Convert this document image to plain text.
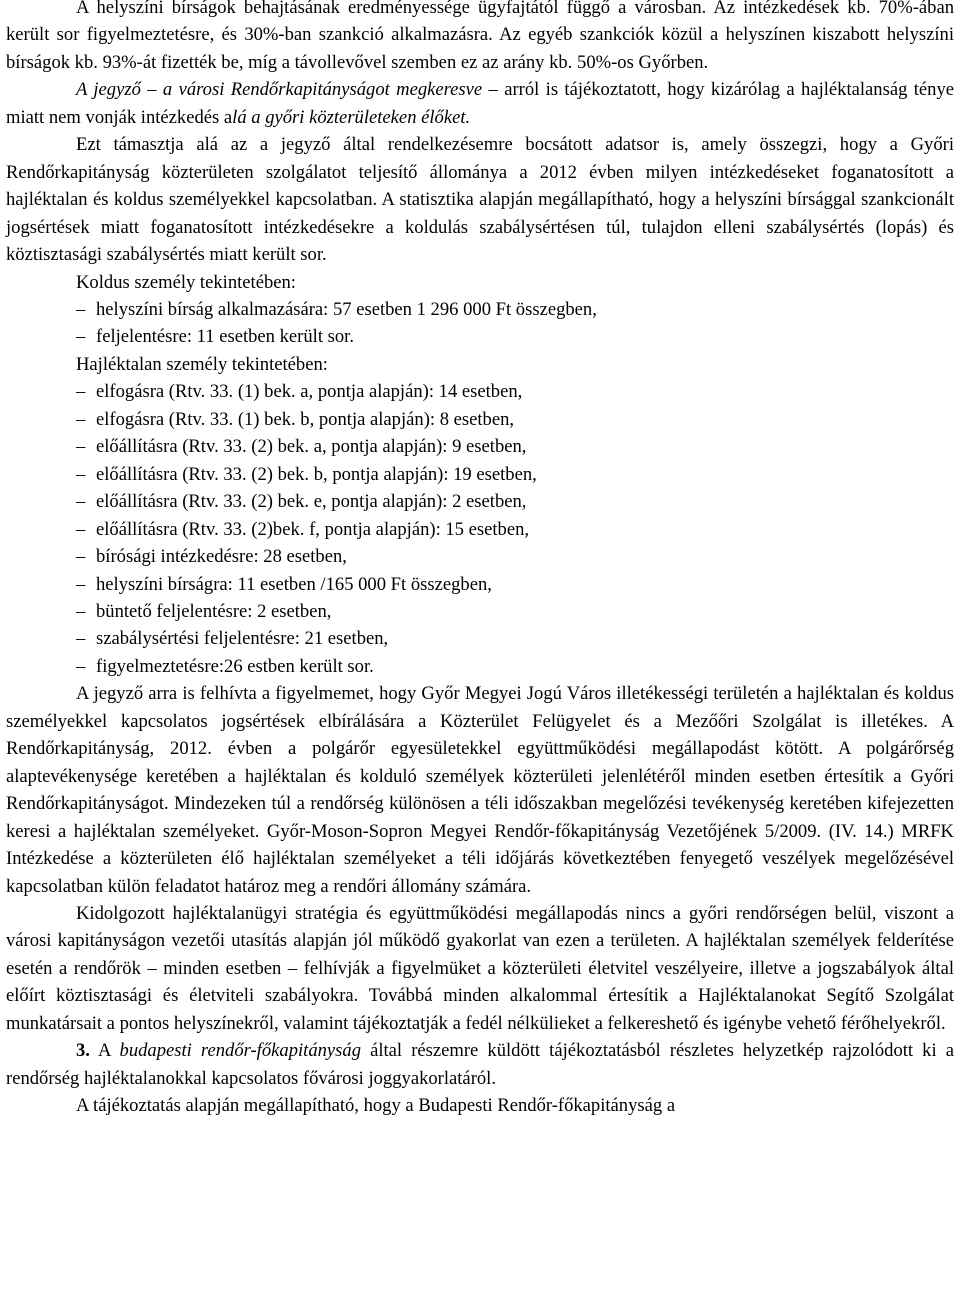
A helyszíni bírságok behajtásának eredményessége ügyfajtától függő a városban. Az intézkedések kb. 70%-ában került sor figyelmeztetésre, és 30%-ban szankció alkalmazásra. Az egyéb szankciók közül a helyszínen kiszabott helyszíni bírságok kb. 93%-át fizették be, míg a távollevővel szemben ez az arány kb. 50%-os Győrben.

A jegyző – a városi Rendőrkapitányságot megkeresve – arról is tájékoztatott, hogy kizárólag a hajléktalanság ténye miatt nem vonják intézkedés alá a győri közterületeken élőket.

Ezt támasztja alá az a jegyző által rendelkezésemre bocsátott adatsor is, amely összegzi, hogy a Győri Rendőrkapitányság közterületen szolgálatot teljesítő állománya a 2012 évben milyen intézkedéseket foganatosított a hajléktalan és koldus személyekkel kapcsolatban. A statisztika alapján megállapítható, hogy a helyszíni bírsággal szankcionált jogsértések miatt foganatosított intézkedésekre a koldulás szabálysértésen túl, tulajdon elleni szabálysértés (lopás) és köztisztasági szabálysértés miatt került sor.

Koldus személy tekintetében:

– helyszíni bírság alkalmazására: 57 esetben 1 296 000 Ft összegben,

– feljelentésre: 11 esetben került sor.

Hajléktalan személy tekintetében:

– elfogásra (Rtv. 33. (1) bek. a, pontja alapján): 14 esetben,

– elfogásra (Rtv. 33. (1) bek. b, pontja alapján): 8 esetben,

– előállításra (Rtv. 33. (2) bek. a, pontja alapján): 9 esetben,

– előállításra (Rtv. 33. (2) bek. b, pontja alapján): 19 esetben,

– előállításra (Rtv. 33. (2) bek. e, pontja alapján): 2 esetben,

– előállításra (Rtv. 33. (2)bek. f, pontja alapján): 15 esetben,

– bírósági intézkedésre: 28 esetben,

– helyszíni bírságra: 11 esetben /165 000 Ft összegben,

– büntető feljelentésre: 2 esetben,

– szabálysértési feljelentésre: 21 esetben,

– figyelmeztetésre:26 estben került sor.

A jegyző arra is felhívta a figyelmemet, hogy Győr Megyei Jogú Város illetékességi területén a hajléktalan és koldus személyekkel kapcsolatos jogsértések elbírálására a Közterület Felügyelet és a Mezőőri Szolgálat is illetékes. A Rendőrkapitányság, 2012. évben a polgárőr egyesületekkel együttműködési megállapodást kötött. A polgárőrség alaptevékenysége keretében a hajléktalan és kolduló személyek közterületi jelenlétéről minden esetben értesítik a Győri Rendőrkapitányságot. Mindezeken túl a rendőrség különösen a téli időszakban megelőzési tevékenység keretében kifejezetten keresi a hajléktalan személyeket. Győr-Moson-Sopron Megyei Rendőr-főkapitányság Vezetőjének 5/2009. (IV. 14.) MRFK Intézkedése a közterületen élő hajléktalan személyeket a téli időjárás következtében fenyegető veszélyek megelőzésével kapcsolatban külön feladatot határoz meg a rendőri állomány számára.

Kidolgozott hajléktalanügyi stratégia és együttműködési megállapodás nincs a győri rendőrségen belül, viszont a városi kapitányságon vezetői utasítás alapján jól működő gyakorlat van ezen a területen. A hajléktalan személyek felderítése esetén a rendőrök – minden esetben – felhívják a figyelmüket a közterületi életvitel veszélyeire, illetve a jogszabályok által előírt köztisztasági és életviteli szabályokra. Továbbá minden alkalommal értesítik a Hajléktalanokat Segítő Szolgálat munkatársait a pontos helyszínekről, valamint tájékoztatják a fedél nélkülieket a felkereshető és igénybe vehető férőhelyekről.

3. A budapesti rendőr-főkapitányság által részemre küldött tájékoztatásból részletes helyzetkép rajzolódott ki a rendőrség hajléktalanokkal kapcsolatos fővárosi joggyakorlatáról.

A tájékoztatás alapján megállapítható, hogy a Budapesti Rendőr-főkapitányság a
